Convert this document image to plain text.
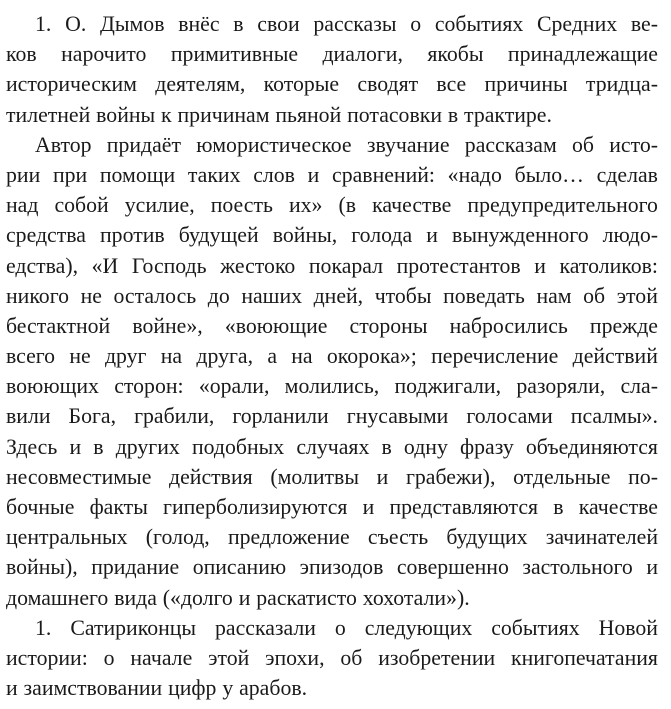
1. О. Дымов внёс в свои рассказы о событиях Средних ве-
ков нарочито примитивные диалоги, якобы принадлежащие
историческим деятелям, которые сводят все причины тридца-
тилетней войны к причинам пьяной потасовки в трактире.
Автор придаёт юмористическое звучание рассказам об исто-
рии при помощи таких слов и сравнений: «надо было… сделав
над собой усилие, поесть их» (в качестве предупредительного
средства против будущей войны, голода и вынужденного людо-
едства), «И Господь жестоко покарал протестантов и католиков:
никого не осталось до наших дней, чтобы поведать нам об этой
бестактной войне», «воюющие стороны набросились прежде
всего не друг на друга, а на окорока»; перечисление действий
воюющих сторон: «орали, молились, поджигали, разоряли, сла-
вили Бога, грабили, горланили гнусавыми голосами псалмы».
Здесь и в других подобных случаях в одну фразу объединяются
несовместимые действия (молитвы и грабежи), отдельные по-
бочные факты гиперболизируются и представляются в качестве
центральных (голод, предложение съесть будущих зачинателей
войны), придание описанию эпизодов совершенно застольного и
домашнего вида («долго и раскатисто хохотали»).
1. Сатириконцы рассказали о следующих событиях Новой
истории: о начале этой эпохи, об изобретении книгопечатания
и заимствовании цифр у арабов.
